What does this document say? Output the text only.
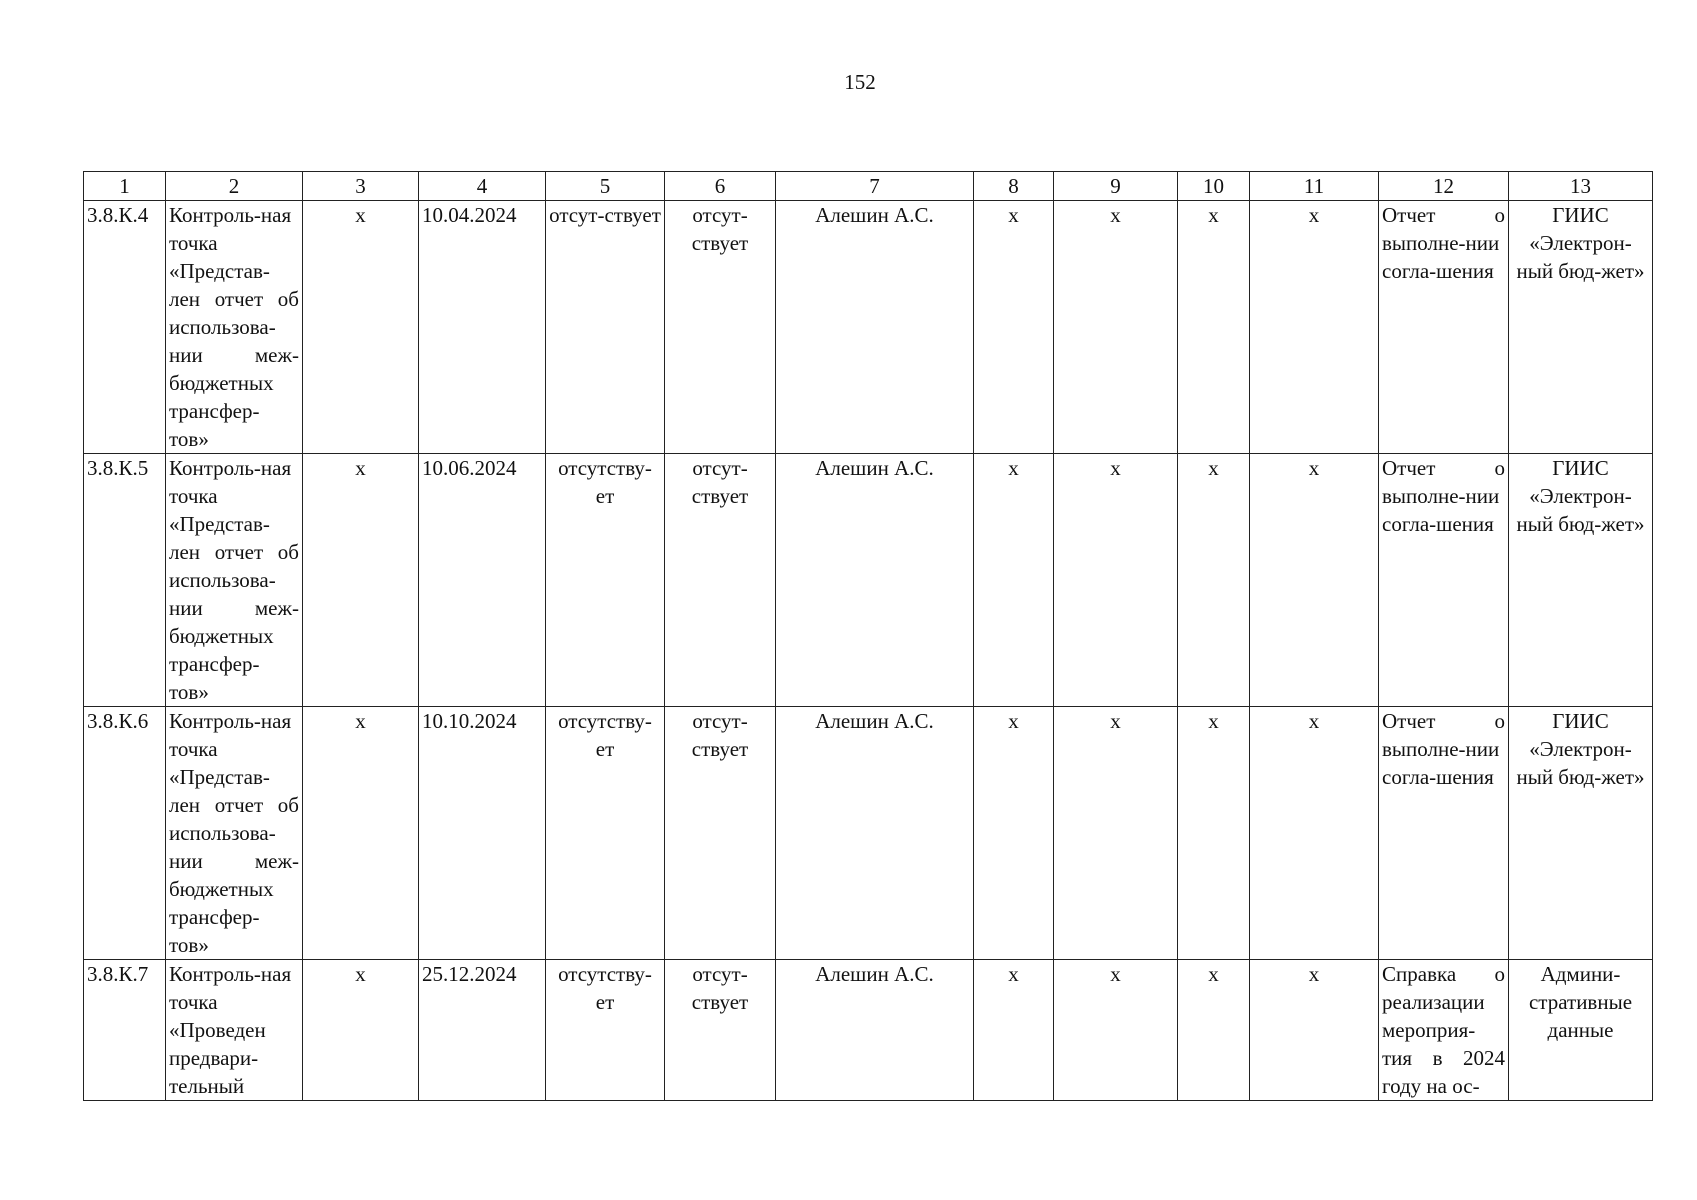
152
1	2	3	4	5	6	7	8	9	10	11	12	13
3.8.К.4	Контроль-ная точка «Представ-лен отчет об использова-нии меж-бюджетных трансфер-тов»	x	10.04.2024	отсут-ствует	отсут-ствует	Алешин А.С.	x	x	x	x	Отчет о выполне-нии согла-шения	ГИИС «Электрон-ный бюд-жет»
3.8.К.5	Контроль-ная точка «Представ-лен отчет об использова-нии меж-бюджетных трансфер-тов»	x	10.06.2024	отсутству-ет	отсут-ствует	Алешин А.С.	x	x	x	x	Отчет о выполне-нии согла-шения	ГИИС «Электрон-ный бюд-жет»
3.8.К.6	Контроль-ная точка «Представ-лен отчет об использова-нии меж-бюджетных трансфер-тов»	x	10.10.2024	отсутству-ет	отсут-ствует	Алешин А.С.	x	x	x	x	Отчет о выполне-нии согла-шения	ГИИС «Электрон-ный бюд-жет»
3.8.К.7	Контроль-ная точка «Проведен предвари-тельный	x	25.12.2024	отсутству-ет	отсут-ствует	Алешин А.С.	x	x	x	x	Справка о реализации мероприя-тия в 2024 году на ос-	Админи-стративные данные
